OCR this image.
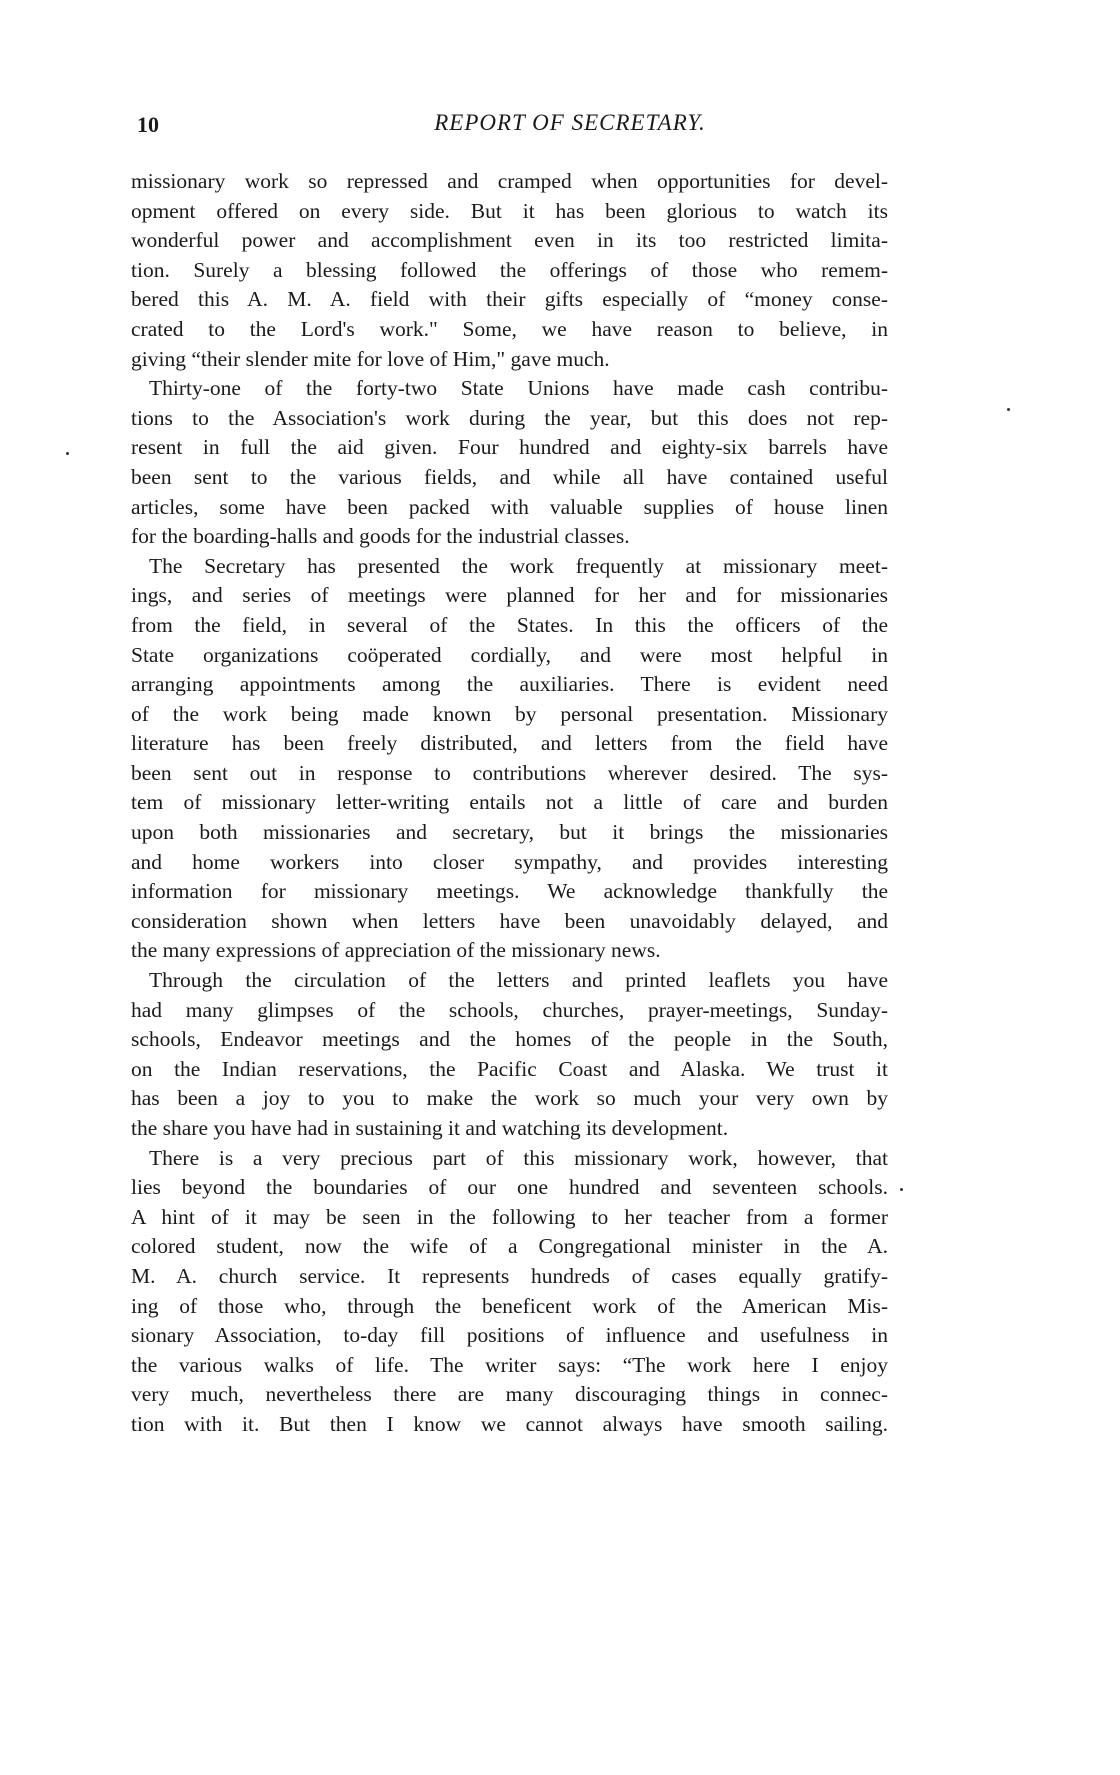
10	REPORT OF SECRETARY.
missionary work so repressed and cramped when opportunities for devel-
opment offered on every side. But it has been glorious to watch its
wonderful power and accomplishment even in its too restricted limita-
tion. Surely a blessing followed the offerings of those who remem-
bered this A. M. A. field with their gifts especially of “money conse-
crated to the Lord's work." Some, we have reason to believe, in
giving “their slender mite for love of Him," gave much.
Thirty-one of the forty-two State Unions have made cash contribu-
tions to the Association's work during the year, but this does not rep-
resent in full the aid given. Four hundred and eighty-six barrels have
been sent to the various fields, and while all have contained useful
articles, some have been packed with valuable supplies of house linen
for the boarding-halls and goods for the industrial classes.
The Secretary has presented the work frequently at missionary meet-
ings, and series of meetings were planned for her and for missionaries
from the field, in several of the States. In this the officers of the
State organizations coöperated cordially, and were most helpful in
arranging appointments among the auxiliaries. There is evident need
of the work being made known by personal presentation. Missionary
literature has been freely distributed, and letters from the field have
been sent out in response to contributions wherever desired. The sys-
tem of missionary letter-writing entails not a little of care and burden
upon both missionaries and secretary, but it brings the missionaries
and home workers into closer sympathy, and provides interesting
information for missionary meetings. We acknowledge thankfully the
consideration shown when letters have been unavoidably delayed, and
the many expressions of appreciation of the missionary news.
Through the circulation of the letters and printed leaflets you have
had many glimpses of the schools, churches, prayer-meetings, Sunday-
schools, Endeavor meetings and the homes of the people in the South,
on the Indian reservations, the Pacific Coast and Alaska. We trust it
has been a joy to you to make the work so much your very own by
the share you have had in sustaining it and watching its development.
There is a very precious part of this missionary work, however, that
lies beyond the boundaries of our one hundred and seventeen schools.
A hint of it may be seen in the following to her teacher from a former
colored student, now the wife of a Congregational minister in the A.
M. A. church service. It represents hundreds of cases equally gratify-
ing of those who, through the beneficent work of the American Mis-
sionary Association, to-day fill positions of influence and usefulness in
the various walks of life. The writer says: “The work here I enjoy
very much, nevertheless there are many discouraging things in connec-
tion with it. But then I know we cannot always have smooth sailing.
